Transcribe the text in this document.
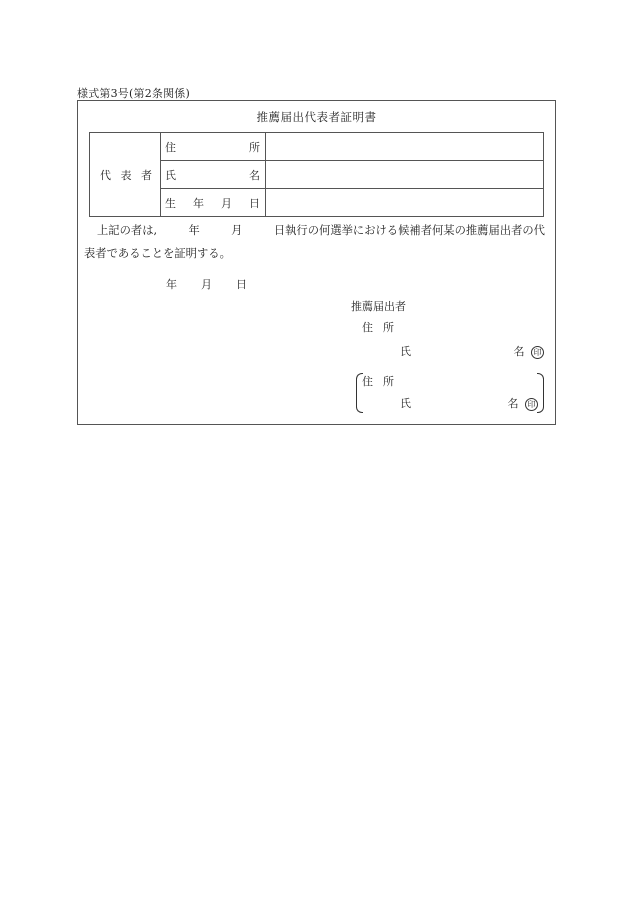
様式第3号(第2条関係)
推薦届出代表者証明書
代 表 者	住 所	

	氏 名	

	生 年 月 日	

上記の者は,	年	月	日執行の何選挙における候補者何某の推薦届出者の代
表者であることを証明する。
年 月 日
推薦届出者
住 所
氏	名 印
住 所
氏	名 印
